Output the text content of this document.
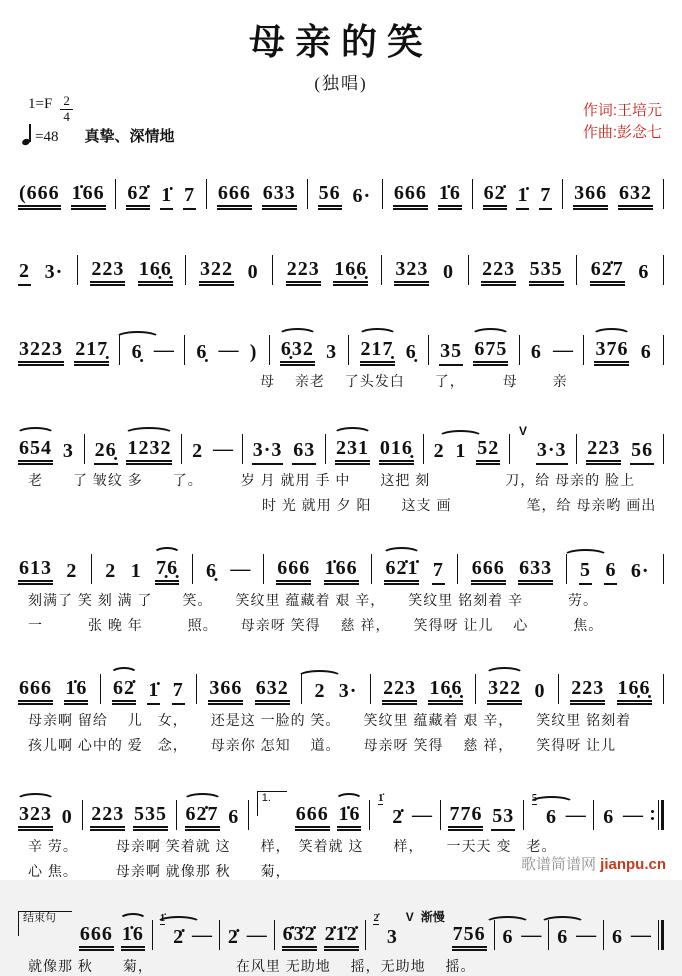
母亲的笑
(独唱)
$1=F \frac{2}{4}$
=48 真挚、深情地
作词:王培元
作曲:彭念七
(666 1̇66 62̇ 1̇ 7 666 633 56 6· 666 1̇6 62̇ 1̇ 7 366 632
2 3· 223 16̣6̣ 322 0 223 16̣6̣ 323 0 223 535 62̇7 6
3223 217̣ 6̣ — 6̣ — ) 6̣32 3 217̣ 6̣ 35 675 6 — 376 6
母　 亲老　 了头发白　　了，　　　母　　 亲
654 3 26̣ 1232 2 — 3·3 63 231 016̣ 2 1 52
V
3·3 223 56
老　　了 皱纹 多　　了。　　　岁 月 就用 手 中　　这把 刻　　　　　刀，给 母亲的 脸上
时 光 就用 夕 阳　　这支 画　　　　　笔，给 母亲哟 画出
613 2 2 1 7̣6̣ 6̣ — 666 1̇66 62̇1̇ 7 666 633 5 6 6·
刻满了 笑 刻 满 了　　笑。　　笑纹里 蕴藏着 艰 辛，　　笑纹里 铭刻着 辛　　　劳。
一　　　张 晚 年　　　照。　　母亲呀 笑得　 慈 祥，　　笑得呀 让儿　 心　　　焦。
666 1̇6 62̇ 1̇ 7 366 632 2 3· 223 16̣6̣ 322 0 223 16̣6̣
母亲啊 留给　 儿　女，　　还是这 一脸的 笑。　　笑纹里 蕴藏着 艰 辛，　　笑纹里 铭刻着
孩儿啊 心中的 爱　念，　　母亲你 怎知　 道。　　母亲呀 笑得　 慈 祥，　　笑得呀 让儿
323 0 223 535 62̇7 6
1.
666 1̇6
1̇
2̇ — 776 53
5
6 — 6 —
辛 劳。　　　母亲啊 笑着就 这　　样，　笑着就 这　　样，　　一天天 变　老。
心 焦。　　　母亲啊 就像那 秋　　菊，
结束句
666 1̇6
1̇
2̇ — 2̇ — 6̇3̇2̇ 2̇1̇2̇
2̇
3
V 渐慢
756 6 — 6 — 6 —
就像那 秋　　菊，　　　　　　在风里 无助地　 摇，无助地　 摇。
歌谱简谱网 jianpu.cn
